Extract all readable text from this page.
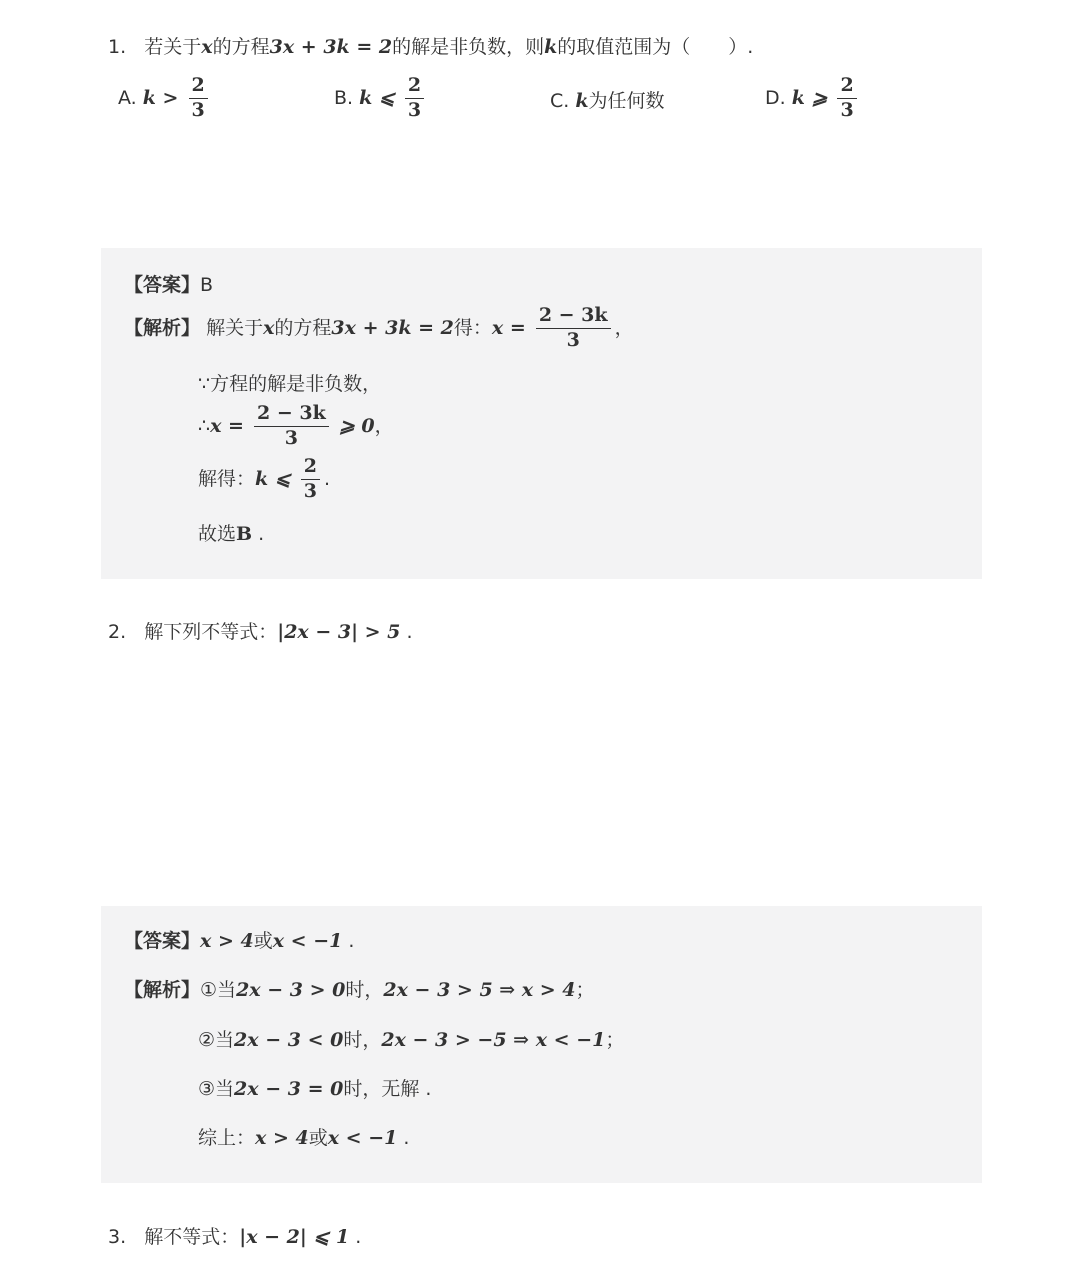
1. 若关于x的方程3x + 3k = 2的解是非负数，则k的取值范围为（　　）.
A. $k > \frac{2}{3}$	B. k ⩽ $\frac{2}{3}$	C. k为任何数	D. k ⩾ $\frac{2}{3}$
【答案】B
【解析】 解关于x的方程3x + 3k = 2得：$x = \frac{2 - 3k}{3}$ ，
∵方程的解是非负数，
∴x = $\frac{2 - 3k}{3}$ ⩾ 0，
解得：k ⩽ $\frac{2}{3}$ .
故选B .
2. 解下列不等式：|2x − 3| > 5 .
【答案】x > 4或x < −1 .
【解析】①当2x − 3 > 0时，2x − 3 > 5 ⇒ x > 4；
②当2x − 3 < 0时，2x − 3 > −5 ⇒ x < −1；
③当2x − 3 = 0时，无解 .
综上：x > 4或x < −1 .
3. 解不等式：|x − 2| ⩽ 1 .
